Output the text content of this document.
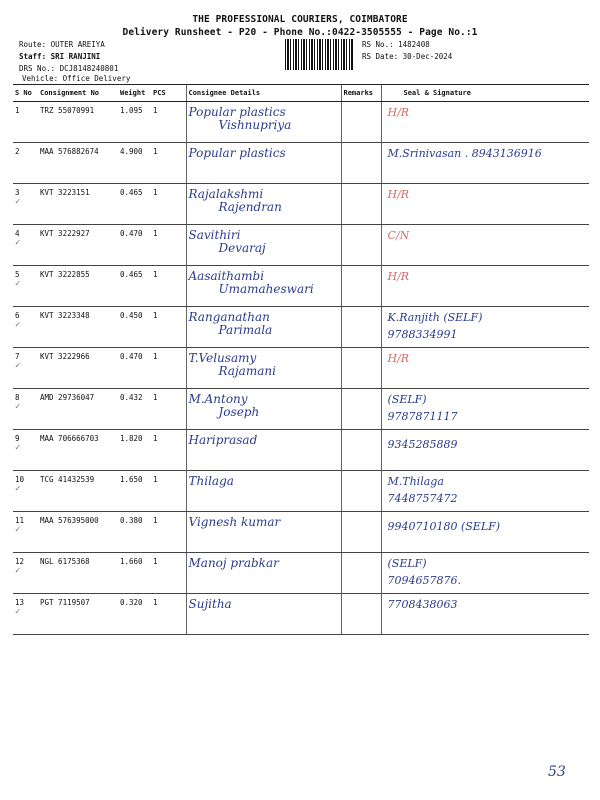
THE PROFESSIONAL COURIERS, COIMBATORE
Delivery Runsheet - P20 - Phone No.:0422-3505555 - Page No.:1
Route: OUTER AREIYA
Staff: SRI RANJINI
DRS No.: DCJ8148240801
Vehicle: Office Delivery
RS No.: 1482408
RS Date: 30-Dec-2024
S No	Consignment No	Weight	PCS	Consignee Details	Remarks	Seal & Signature
1	TRZ 55070991	1.095	1	Popular plastics
Vishnupriya		H/R

2	MAA 576882674	4.900	1	Popular plastics		M.Srinivasan . 8943136916

3
✓	KVT 3223151	0.465	1	Rajalakshmi
Rajendran		H/R

4
✓	KVT 3222927	0.470	1	Savithiri
Devaraj		C/N

5
✓	KVT 3222855	0.465	1	Aasaithambi
Umamaheswari		H/R

6
✓	KVT 3223348	0.450	1	Ranganathan
Parimala		K.Ranjith (SELF)
9788334991

7
✓	KVT 3222966	0.470	1	T.Velusamy
Rajamani		H/R

8
✓	AMD 29736047	0.432	1	M.Antony
Joseph		(SELF)
9787871117

9
✓	MAA 706666703	1.820	1	Hariprasad		9345285889

10
✓	TCG 41432539	1.650	1	Thilaga		M.Thilaga
7448757472

11
✓	MAA 576395000	0.380	1	Vignesh kumar		9940710180 (SELF)

12
✓	NGL 6175368	1.660	1	Manoj prabkar		(SELF)
7094657876.

13
✓	PGT 7119507	0.320	1	Sujitha		7708438063
53
